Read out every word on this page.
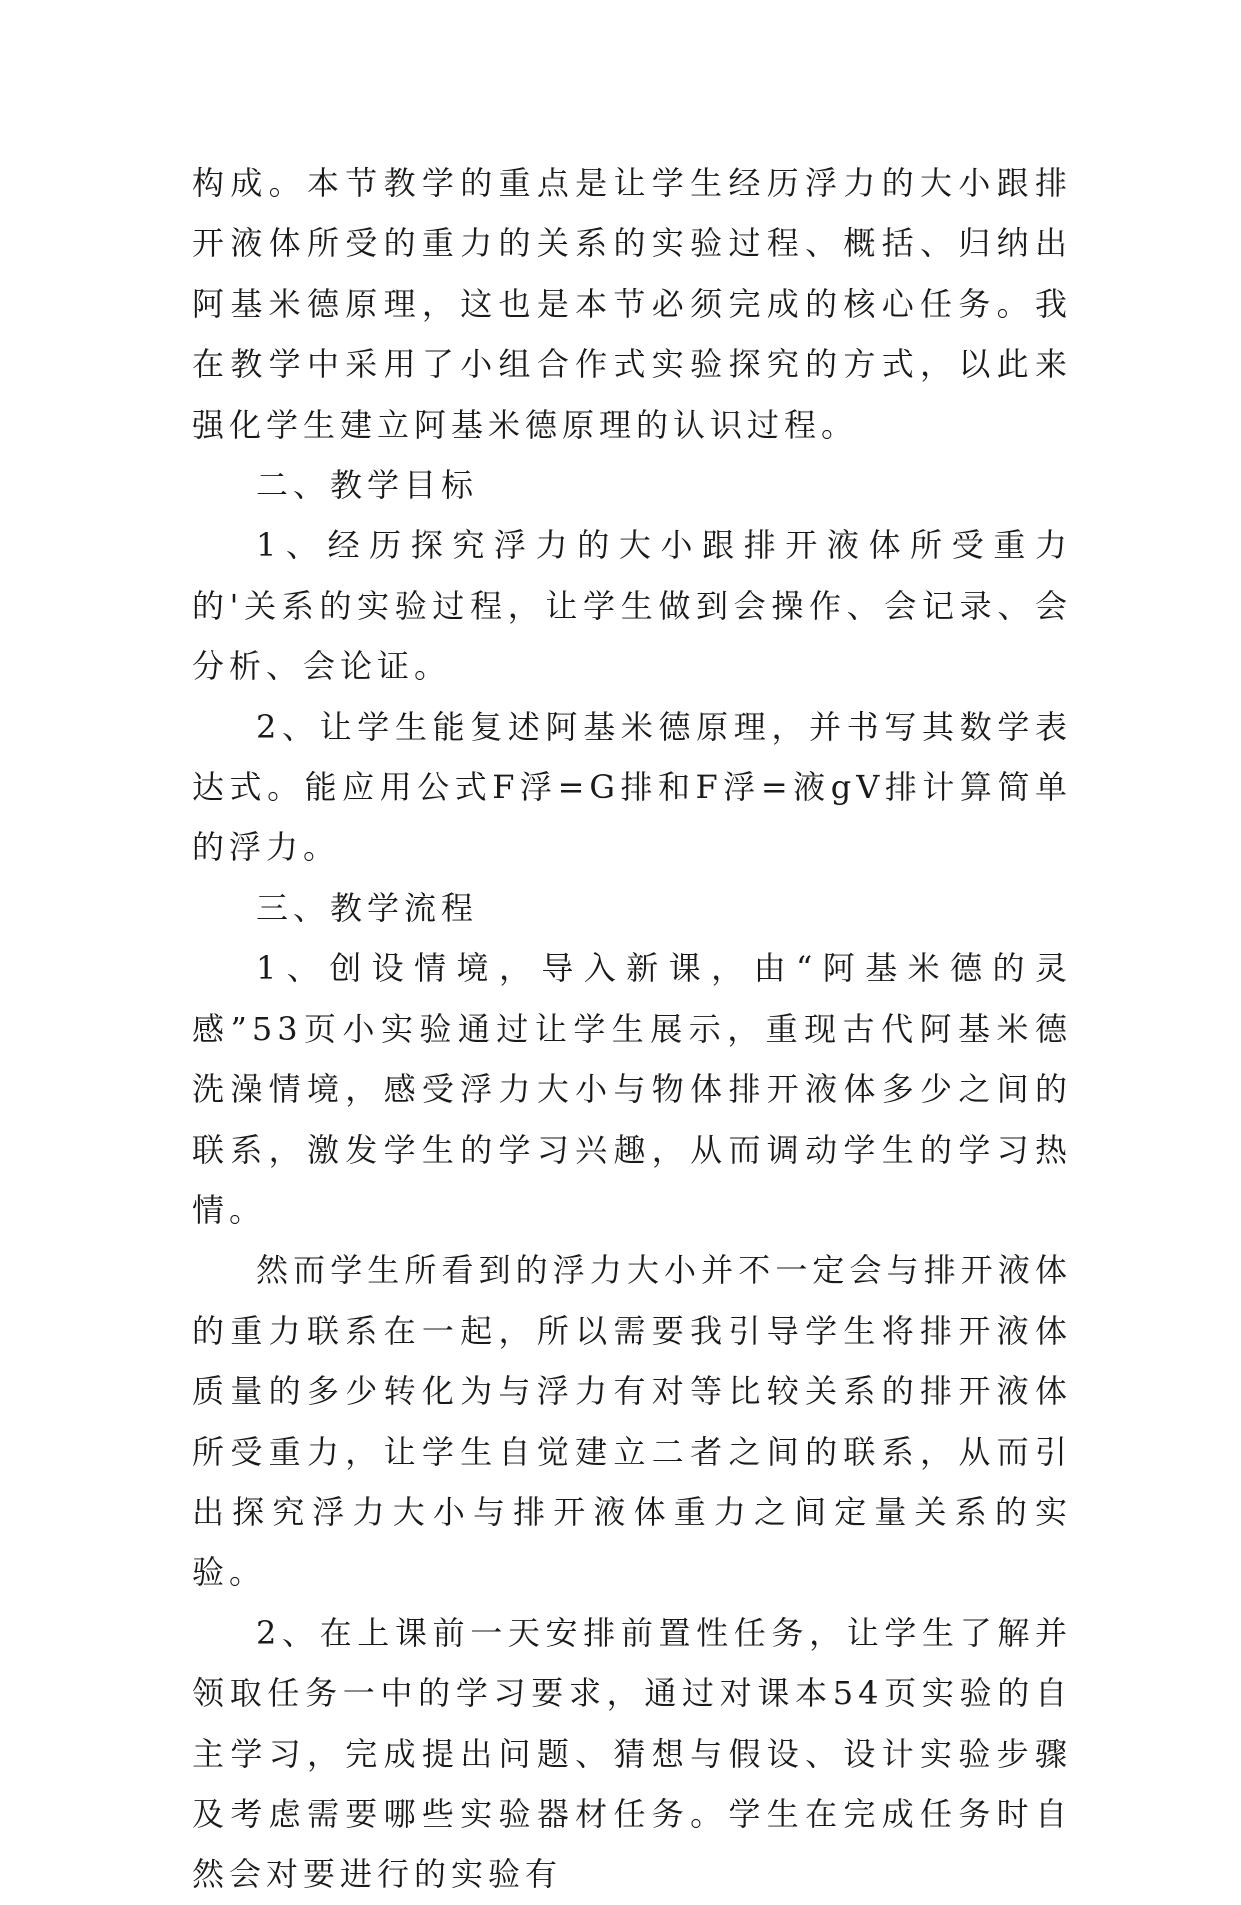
构成。本节教学的重点是让学生经历浮力的大小跟排开液体所受的重力的关系的实验过程、概括、归纳出阿基米德原理，这也是本节必须完成的核心任务。我在教学中采用了小组合作式实验探究的方式，以此来强化学生建立阿基米德原理的认识过程。

二、教学目标

1、经历探究浮力的大小跟排开液体所受重力的'关系的实验过程，让学生做到会操作、会记录、会分析、会论证。

2、让学生能复述阿基米德原理，并书写其数学表达式。能应用公式F浮=G排和F浮=液gV排计算简单的浮力。

三、教学流程

1、创设情境，导入新课，由“阿基米德的灵感”53页小实验通过让学生展示，重现古代阿基米德洗澡情境，感受浮力大小与物体排开液体多少之间的联系，激发学生的学习兴趣，从而调动学生的学习热情。

然而学生所看到的浮力大小并不一定会与排开液体的重力联系在一起，所以需要我引导学生将排开液体质量的多少转化为与浮力有对等比较关系的排开液体所受重力，让学生自觉建立二者之间的联系，从而引出探究浮力大小与排开液体重力之间定量关系的实验。

2、在上课前一天安排前置性任务，让学生了解并领取任务一中的学习要求，通过对课本54页实验的自主学习，完成提出问题、猜想与假设、设计实验步骤及考虑需要哪些实验器材任务。学生在完成任务时自然会对要进行的实验有
